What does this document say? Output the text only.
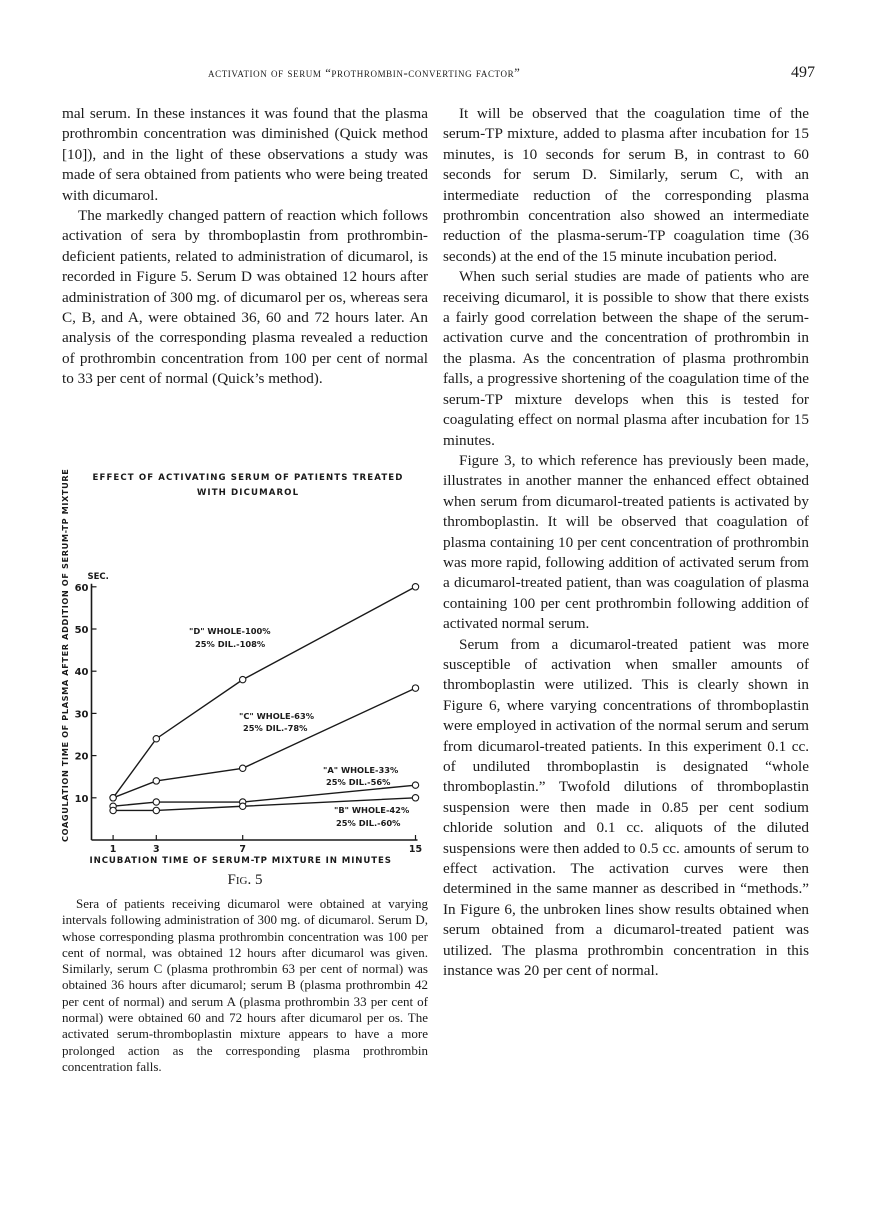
activation of serum “prothrombin-converting factor”	497

mal serum. In these instances it was found that the plasma prothrombin concentration was diminished (Quick method [10]), and in the light of these observations a study was made of sera obtained from patients who were being treated with dicumarol.

The markedly changed pattern of reaction which follows activation of sera by thromboplastin from prothrombin-deficient patients, related to administration of dicumarol, is recorded in Figure 5. Serum D was obtained 12 hours after administration of 300 mg. of dicumarol per os, whereas sera C, B, and A, were obtained 36, 60 and 72 hours later. An analysis of the corresponding plasma revealed a reduction of prothrombin concentration from 100 per cent of normal to 33 per cent of normal (Quick’s method).

EFFECT OF ACTIVATING SERUM OF PATIENTS TREATED
WITH DICUMAROL
COAGULATION TIME OF PLASMA AFTER ADDITION OF SERUM-TP MIXTURE SEC.
10
20
30
40
50
60
1	3	7	15
INCUBATION TIME OF SERUM-TP MIXTURE IN MINUTES
"D" WHOLE-100%
25% DIL.-108%
"C" WHOLE-63%
25% DIL.-78%
"A" WHOLE-33%
25% DIL.-56%
"B" WHOLE-42%
25% DIL.-60%
Fig. 5

Sera of patients receiving dicumarol were obtained at varying intervals following administration of 300 mg. of dicumarol. Serum D, whose corresponding plasma prothrombin concentration was 100 per cent of normal, was obtained 12 hours after dicumarol was given. Similarly, serum C (plasma prothrombin 63 per cent of normal) was obtained 36 hours after dicumarol; serum B (plasma prothrombin 42 per cent of normal) and serum A (plasma prothrombin 33 per cent of normal) were obtained 60 and 72 hours after dicumarol per os. The activated serum-thromboplastin mixture appears to have a more prolonged action as the corresponding plasma prothrombin concentration falls.

It will be observed that the coagulation time of the serum-TP mixture, added to plasma after incubation for 15 minutes, is 10 seconds for serum B, in contrast to 60 seconds for serum D. Similarly, serum C, with an intermediate reduction of the corresponding plasma prothrombin concentration also showed an intermediate reduction of the plasma-serum-TP coagulation time (36 seconds) at the end of the 15 minute incubation period.

When such serial studies are made of patients who are receiving dicumarol, it is possible to show that there exists a fairly good correlation between the shape of the serum-activation curve and the concentration of prothrombin in the plasma. As the concentration of plasma prothrombin falls, a progressive shortening of the coagulation time of the serum-TP mixture develops when this is tested for coagulating effect on normal plasma after incubation for 15 minutes.

Figure 3, to which reference has previously been made, illustrates in another manner the enhanced effect obtained when serum from dicumarol-treated patients is activated by thromboplastin. It will be observed that coagulation of plasma containing 10 per cent concentration of prothrombin was more rapid, following addition of activated serum from a dicumarol-treated patient, than was coagulation of plasma containing 100 per cent prothrombin following addition of activated normal serum.

Serum from a dicumarol-treated patient was more susceptible of activation when smaller amounts of thromboplastin were utilized. This is clearly shown in Figure 6, where varying concentrations of thromboplastin were employed in activation of the normal serum and serum from dicumarol-treated patients. In this experiment 0.1 cc. of undiluted thromboplastin is designated “whole thromboplastin.” Twofold dilutions of thromboplastin suspension were then made in 0.85 per cent sodium chloride solution and 0.1 cc. aliquots of the diluted suspensions were then added to 0.5 cc. amounts of serum to effect activation. The activation curves were then determined in the same manner as described in “methods.” In Figure 6, the unbroken lines show results obtained when serum obtained from a dicumarol-treated patient was utilized. The plasma prothrombin concentration in this instance was 20 per cent of normal.
